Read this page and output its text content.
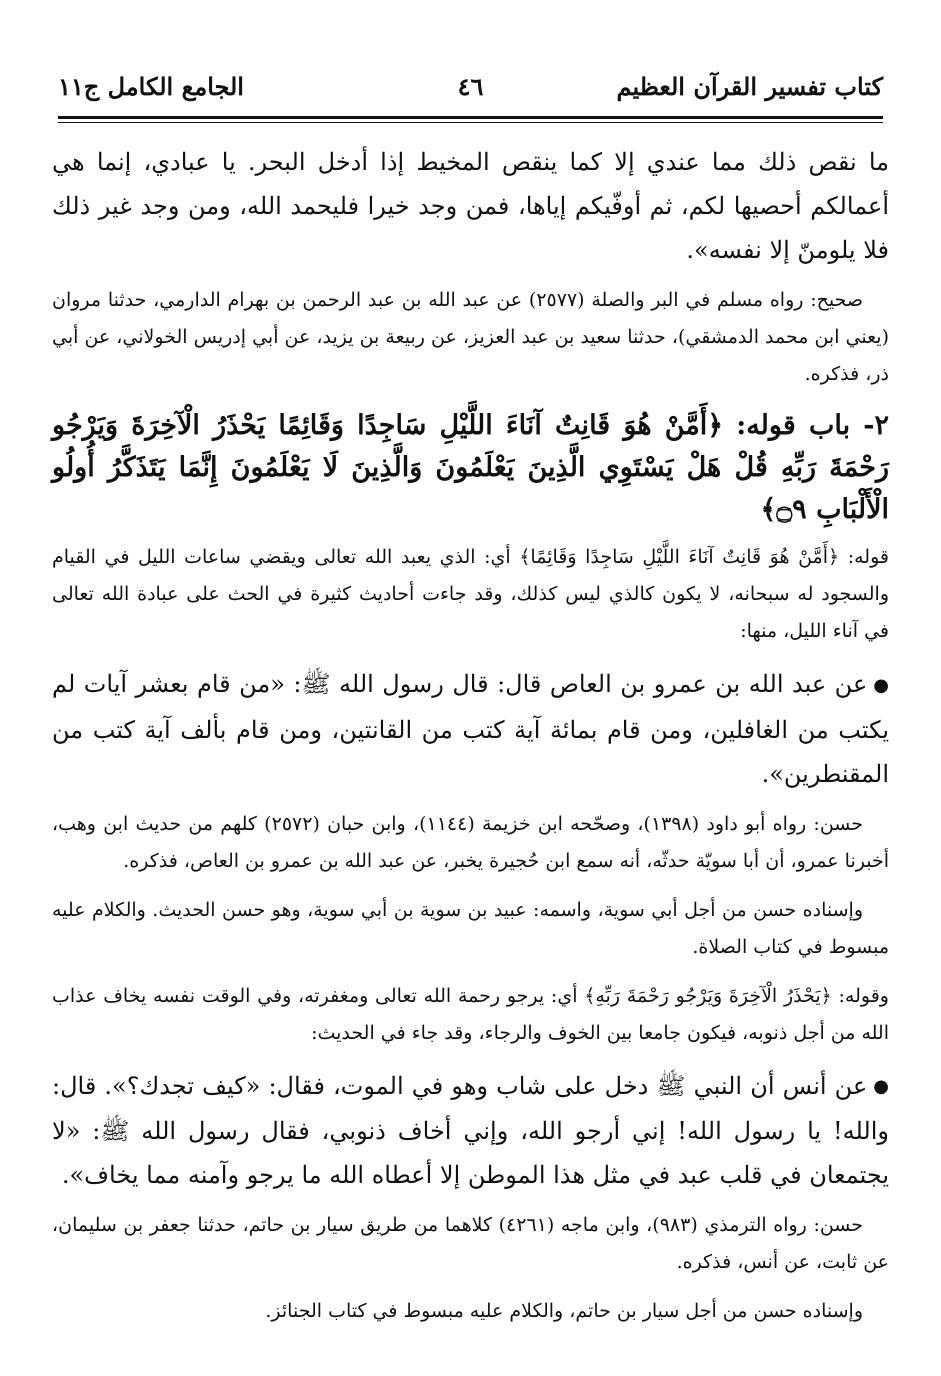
كتاب تفسير القرآن العظيم
٤٦
الجامع الكامل ج١١

ما نقص ذلك مما عندي إلا كما ينقص المخيط إذا أدخل البحر. يا عبادي، إنما هي أعمالكم أحصيها لكم، ثم أوفّيكم إياها، فمن وجد خيرا فليحمد الله، ومن وجد غير ذلك فلا يلومنّ إلا نفسه».

صحيح: رواه مسلم في البر والصلة (٢٥٧٧) عن عبد الله بن عبد الرحمن بن بهرام الدارمي، حدثنا مروان (يعني ابن محمد الدمشقي)، حدثنا سعيد بن عبد العزيز، عن ربيعة بن يزيد، عن أبي إدريس الخولاني، عن أبي ذر، فذكره.

٢- باب قوله: ﴿أَمَّنْ هُوَ قَانِتٌ آنَاءَ اللَّيْلِ سَاجِدًا وَقَائِمًا يَحْذَرُ الْآخِرَةَ وَيَرْجُو رَحْمَةَ رَبِّهِ قُلْ هَلْ يَسْتَوِي الَّذِينَ يَعْلَمُونَ وَالَّذِينَ لَا يَعْلَمُونَ إِنَّمَا يَتَذَكَّرُ أُولُو الْأَلْبَابِ ۝٩﴾

قوله: ﴿أَمَّنْ هُوَ قَانِتٌ آنَاءَ اللَّيْلِ سَاجِدًا وَقَائِمًا﴾ أي: الذي يعبد الله تعالى ويقضي ساعات الليل في القيام والسجود له سبحانه، لا يكون كالذي ليس كذلك، وقد جاءت أحاديث كثيرة في الحث على عبادة الله تعالى في آناء الليل، منها:

●عن عبد الله بن عمرو بن العاص قال: قال رسول الله ﷺ: «من قام بعشر آيات لم يكتب من الغافلين، ومن قام بمائة آية كتب من القانتين، ومن قام بألف آية كتب من المقنطرين».

حسن: رواه أبو داود (١٣٩٨)، وصحّحه ابن خزيمة (١١٤٤)، وابن حبان (٢٥٧٢) كلهم من حديث ابن وهب، أخبرنا عمرو، أن أبا سويّة حدثّه، أنه سمع ابن حُجيرة يخبر، عن عبد الله بن عمرو بن العاص، فذكره.

وإسناده حسن من أجل أبي سوية، واسمه: عبيد بن سوية بن أبي سوية، وهو حسن الحديث. والكلام عليه مبسوط في كتاب الصلاة.

وقوله: ﴿يَحْذَرُ الْآخِرَةَ وَيَرْجُو رَحْمَةَ رَبِّهِ﴾ أي: يرجو رحمة الله تعالى ومغفرته، وفي الوقت نفسه يخاف عذاب الله من أجل ذنوبه، فيكون جامعا بين الخوف والرجاء، وقد جاء في الحديث:

●عن أنس أن النبي ﷺ دخل على شاب وهو في الموت، فقال: «كيف تجدك؟». قال: والله! يا رسول الله! إني أرجو الله، وإني أخاف ذنوبي، فقال رسول الله ﷺ: «لا يجتمعان في قلب عبد في مثل هذا الموطن إلا أعطاه الله ما يرجو وآمنه مما يخاف».

حسن: رواه الترمذي (٩٨٣)، وابن ماجه (٤٢٦١) كلاهما من طريق سيار بن حاتم، حدثنا جعفر بن سليمان، عن ثابت، عن أنس، فذكره.

وإسناده حسن من أجل سيار بن حاتم، والكلام عليه مبسوط في كتاب الجنائز.
